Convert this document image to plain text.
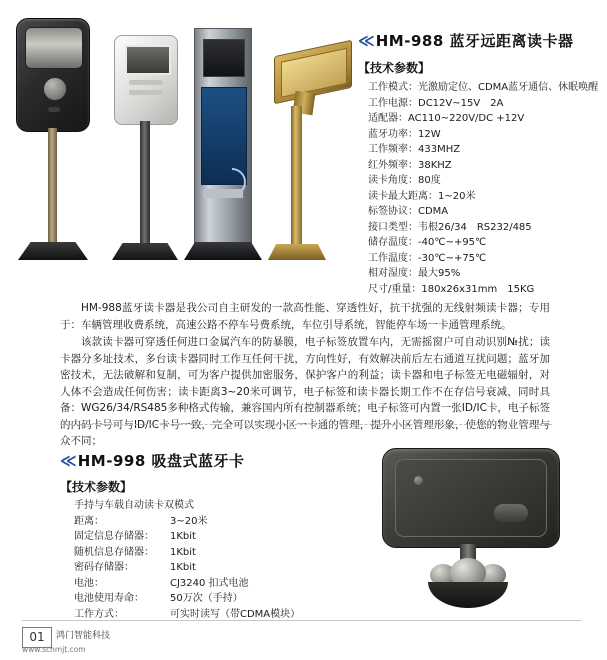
≪ HM-988 蓝牙远距离读卡器
【技术参数】
工作模式：光激励定位、CDMA蓝牙通信、休眠唤醒
工作电源：DC12V~15V　2A
适配器：AC110~220V/DC +12V
蓝牙功率：12W
工作频率：433MHZ
红外频率：38KHZ
读卡角度：80度
读卡最大距离：1~20米
标签协议：CDMA
接口类型：韦根26/34　RS232/485
储存温度：-40℃~+95℃
工作温度：-30℃~+75℃
相对湿度：最大95%
尺寸/重量：180x26x31mm　15KG

HM-988蓝牙读卡器是我公司自主研发的一款高性能、穿透性好，抗干扰强的无线射频读卡器；专用于：车辆管理收费系统，高速公路不停车号费系统，车位引导系统，智能停车场一卡通管理系统。

该款读卡器可穿透任何进口金属汽车的防暴膜，电子标签放置车内，无需摇窗户可自动识别№扰；读卡器分多址技术，多台读卡器同时工作互任何干扰，方向性好，有效解决前后左右通道互扰问题；蓝牙加密技术，无法破解和复制，可为客户提供加密服务，保护客户的利益；读卡器和电子标签无电磁辐射，对人体不会造成任何伤害；读卡距离3~20米可调节，电子标签和读卡器长期工作不在存信号衰减，同时具备：WG26/34/RS485多种格式传输，兼容国内所有控制器系统；电子标签可内置一张ID/IC卡，电子标签的内码卡号可与ID/IC卡号一致，完全可以实现小区一卡通的管理，提升小区管理形象，使您的物业管理与众不同；

≪ HM-998 吸盘式蓝牙卡
【技术参数】
手持与车载自动读卡双模式
距离：	3~20米
固定信息存储器： 1Kbit
随机信息存储器： 1Kbit
密码存储器：	1Kbit
电池：	CJ3240 扣式电池
电池使用寿命：	50万次（手持）
工作方式：	可实时读写（带CDMA模块）
01	鸿门智能科技
www.schmjt.com
